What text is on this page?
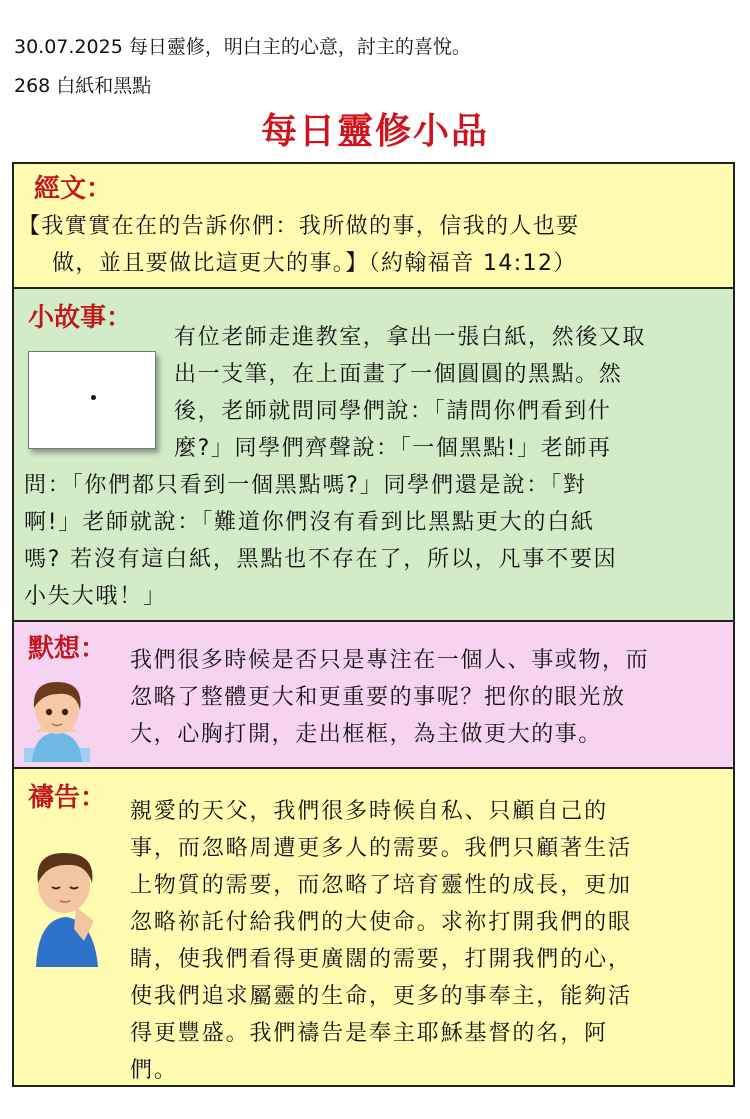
30.07.2025 每日靈修，明白主的心意，討主的喜悅。
268 白紙和黑點
每日靈修小品
經文：
【我實實在在的告訴你們：我所做的事，信我的人也要
做，並且要做比這更大的事。】（約翰福音 14:12）
小故事：
有位老師走進教室，拿出一張白紙，然後又取
出一支筆，在上面畫了一個圓圓的黑點。然
後，老師就問同學們說：「請問你們看到什
麼?」同學們齊聲說：「一個黑點!」老師再
問：「你們都只看到一個黑點嗎?」同學們還是說：「對
啊!」老師就說：「難道你們沒有看到比黑點更大的白紙
嗎? 若沒有這白紙，黑點也不存在了，所以，凡事不要因
小失大哦！」
默想： 我們很多時候是否只是專注在一個人、事或物，而
忽略了整體更大和更重要的事呢？把你的眼光放
大，心胸打開，走出框框，為主做更大的事。
禱告： 親愛的天父，我們很多時候自私、只顧自己的
事，而忽略周遭更多人的需要。我們只顧著生活
上物質的需要，而忽略了培育靈性的成長，更加
忽略祢託付給我們的大使命。求祢打開我們的眼
睛，使我們看得更廣闊的需要，打開我們的心，
使我們追求屬靈的生命，更多的事奉主，能夠活
得更豐盛。我們禱告是奉主耶穌基督的名，阿
們。
